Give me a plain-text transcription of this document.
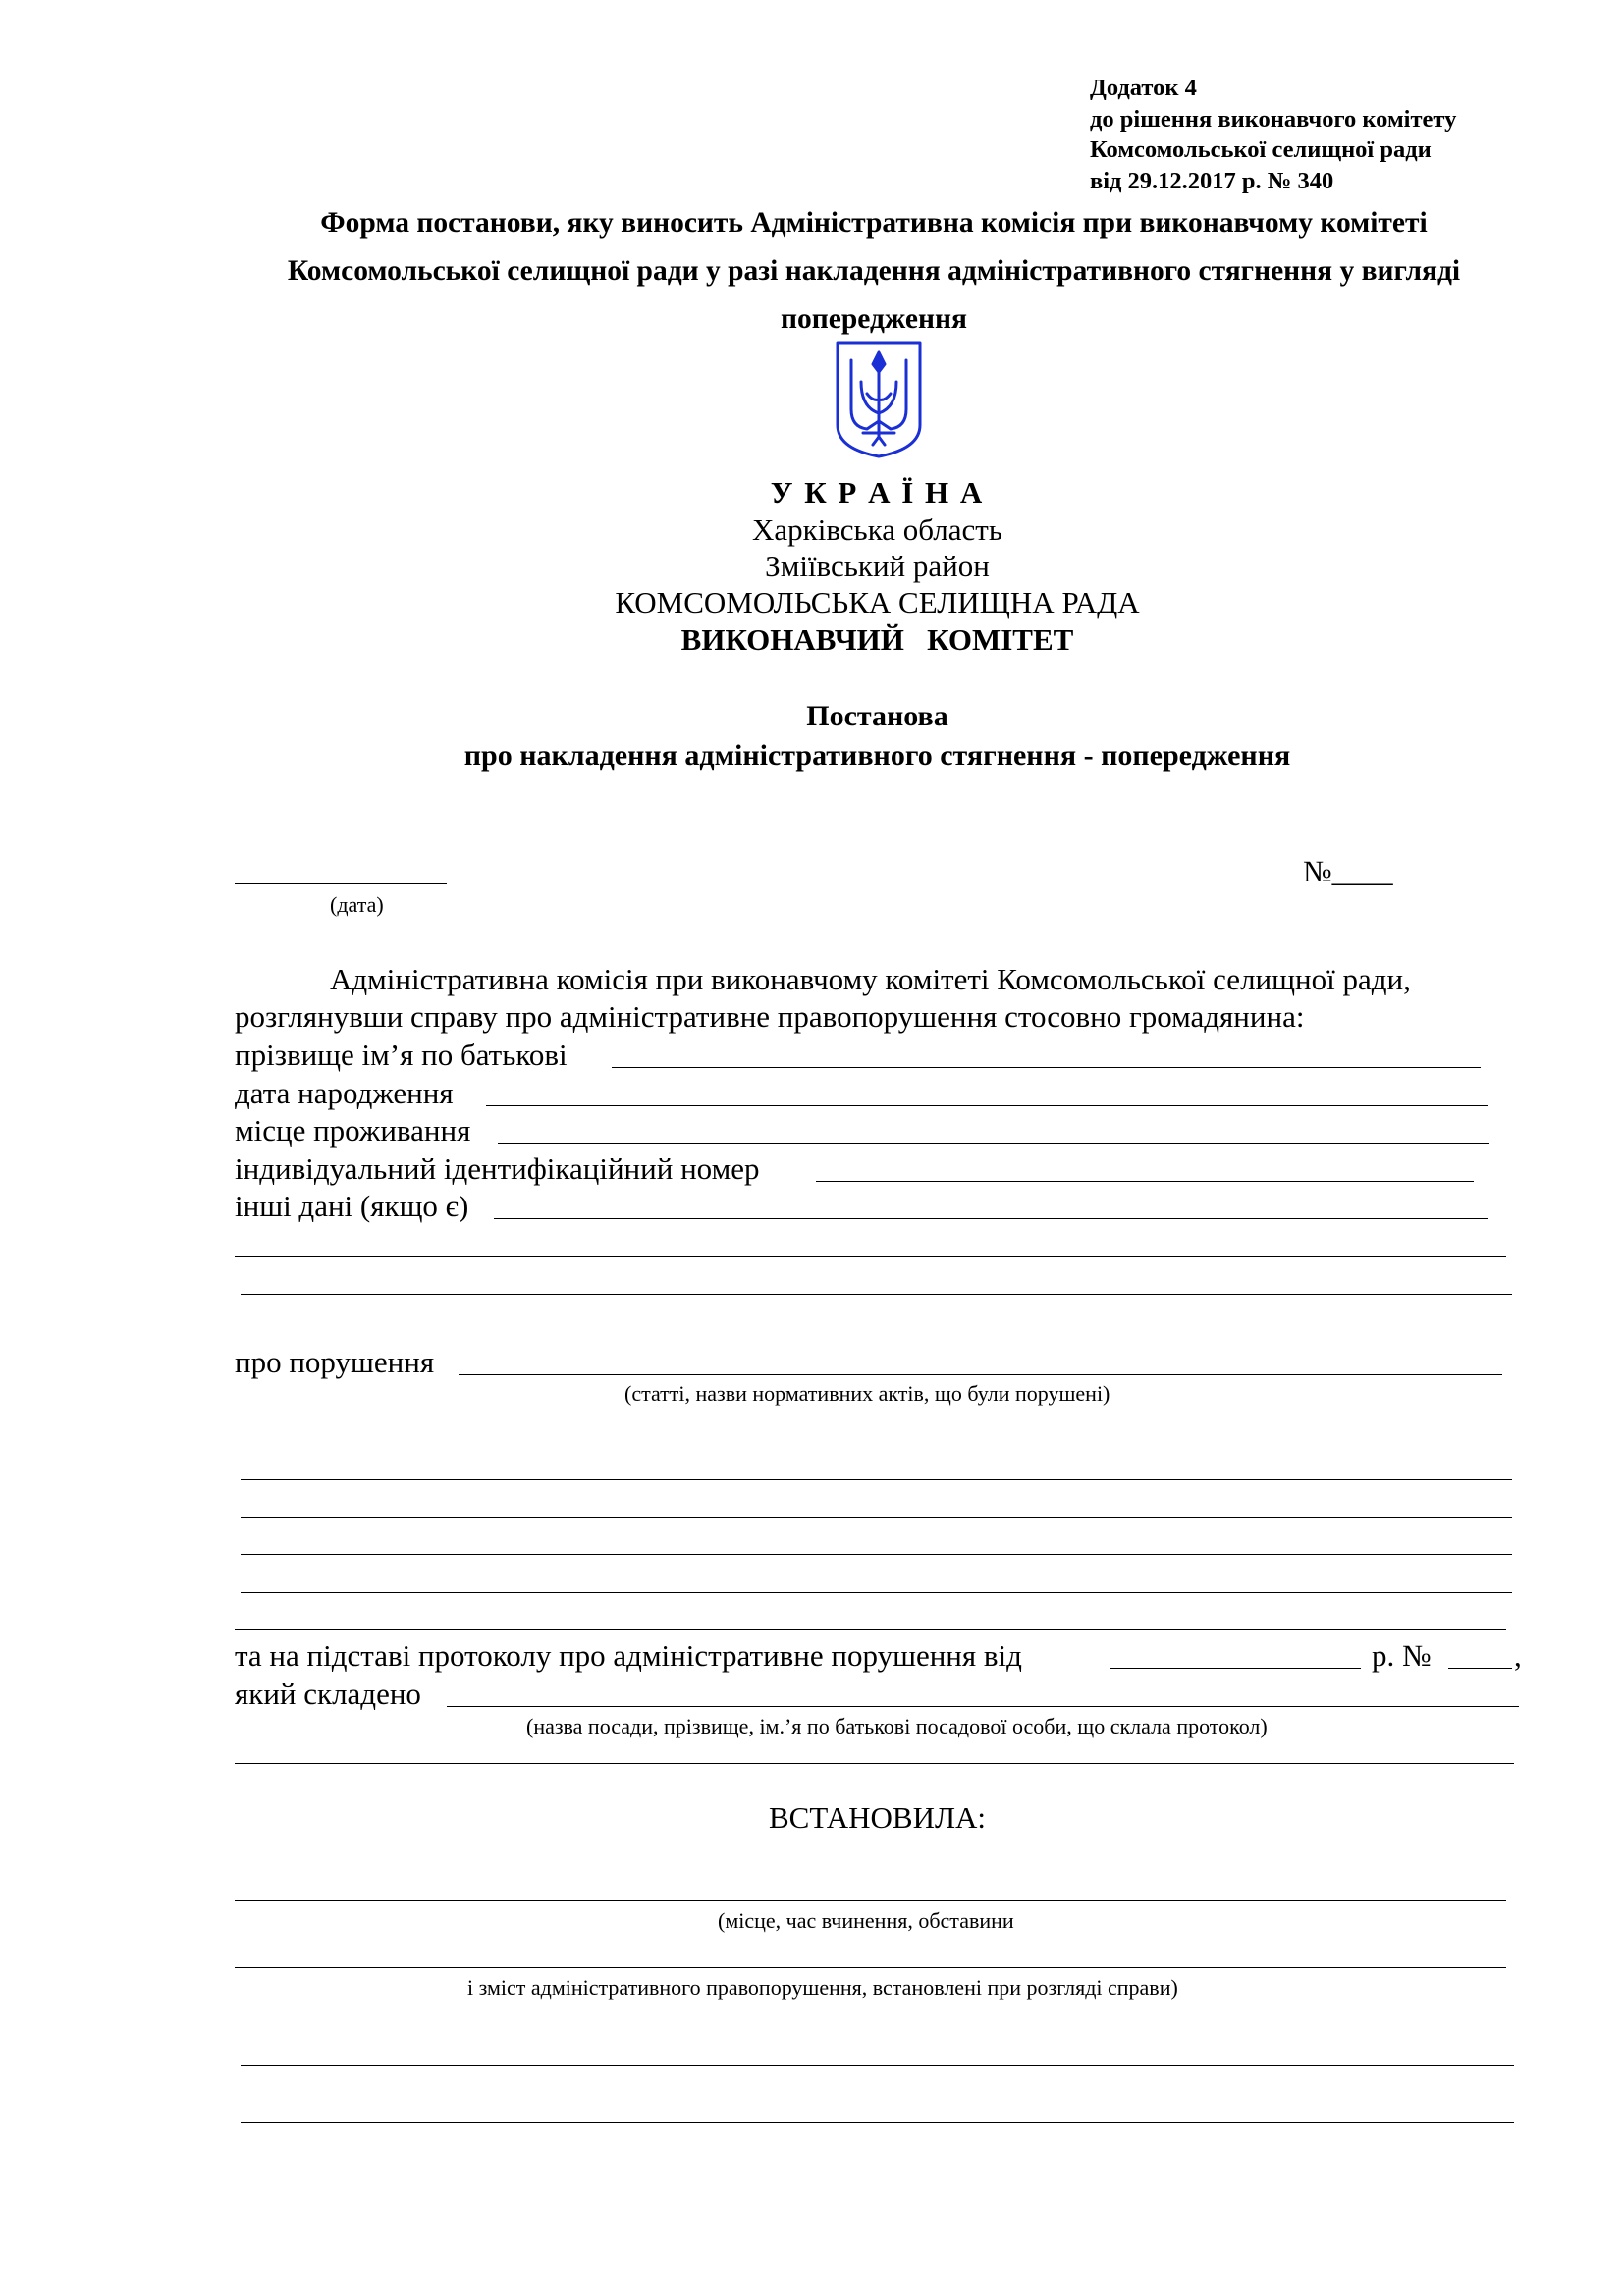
Додаток 4
до рішення виконавчого комітету
Комсомольської селищної ради
від 29.12.2017 р. № 340
Форма постанови, яку виносить Адміністративна комісія при виконавчому комітеті Комсомольської селищної ради у разі накладення адміністративного стягнення у вигляді попередження
У К Р А Ї Н А
Харківська область
Зміївський район
КОМСОМОЛЬСЬКА СЕЛИЩНА РАДА
ВИКОНАВЧИЙ   КОМІТЕТ
Постанова
про накладення адміністративного стягнення - попередження
(дата)
№____
Адміністративна комісія при виконавчому комітеті Комсомольської селищної ради,
розглянувши справу про адміністративне правопорушення стосовно громадянина:
прізвище ім’я по батькові
дата народження
місце проживання
індивідуальний ідентифікаційний номер
інші дані (якщо є)
про порушення
(статті, назви нормативних актів, що були порушені)
та на підставі протоколу про адміністративне порушення від	р. №	,
який складено
(назва посади, прізвище, ім.’я по батькові посадової особи, що склала протокол)
ВСТАНОВИЛА:
(місце, час вчинення, обставини
і зміст адміністративного правопорушення, встановлені при розгляді справи)
